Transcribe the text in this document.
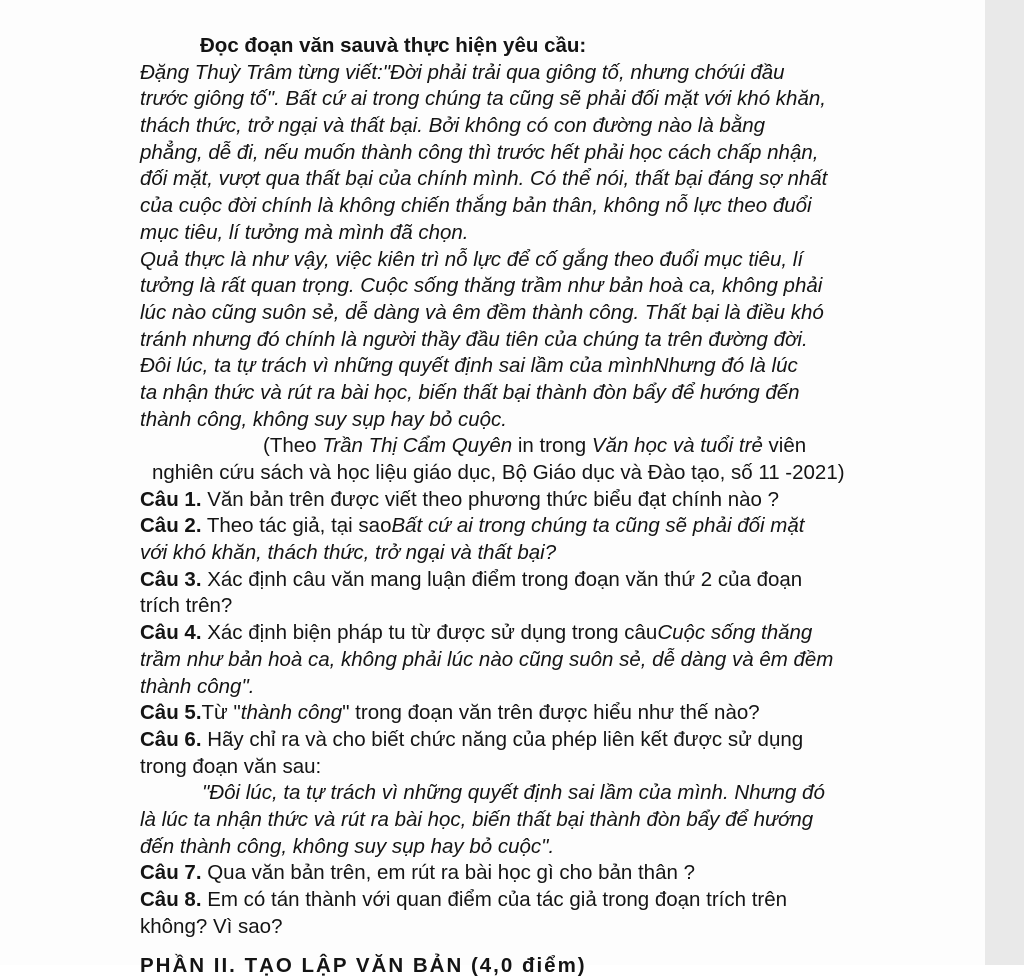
Đọc đoạn văn sauvà thực hiện yêu cầu:
Đặng Thuỳ Trâm từng viết:"Đời phải trải qua giông tố, nhưng chớúi đầu
trước giông tố". Bất cứ ai trong chúng ta cũng sẽ phải đối mặt với khó khăn,
thách thức, trở ngại và thất bại. Bởi không có con đường nào là bằng
phẳng, dễ đi, nếu muốn thành công thì trước hết phải học cách chấp nhận,
đối mặt, vượt qua thất bại của chính mình. Có thể nói, thất bại đáng sợ nhất
của cuộc đời chính là không chiến thắng bản thân, không nỗ lực theo đuổi
mục tiêu, lí tưởng mà mình đã chọn.
Quả thực là như vậy, việc kiên trì nỗ lực để cố gắng theo đuổi mục tiêu, lí
tưởng là rất quan trọng. Cuộc sống thăng trầm như bản hoà ca, không phải
lúc nào cũng suôn sẻ, dễ dàng và êm đềm thành công. Thất bại là điều khó
tránh nhưng đó chính là người thầy đầu tiên của chúng ta trên đường đời.
Đôi lúc, ta tự trách vì những quyết định sai lầm của mìnhNhưng đó là lúc
ta nhận thức và rút ra bài học, biến thất bại thành đòn bẩy để hướng đến
thành công, không suy sụp hay bỏ cuộc.
(Theo Trần Thị Cẩm Quyên in trong Văn học và tuổi trẻ viên
nghiên cứu sách và học liệu giáo dục, Bộ Giáo dục và Đào tạo, số 11 -2021)
Câu 1. Văn bản trên được viết theo phương thức biểu đạt chính nào ?
Câu 2. Theo tác giả, tại saoBất cứ ai trong chúng ta cũng sẽ phải đối mặt
với khó khăn, thách thức, trở ngại và thất bại?
Câu 3. Xác định câu văn mang luận điểm trong đoạn văn thứ 2 của đoạn
trích trên?
Câu 4. Xác định biện pháp tu từ được sử dụng trong câuCuộc sống thăng
trầm như bản hoà ca, không phải lúc nào cũng suôn sẻ, dễ dàng và êm đềm
thành công".
Câu 5.Từ "thành công" trong đoạn văn trên được hiểu như thế nào?
Câu 6. Hãy chỉ ra và cho biết chức năng của phép liên kết được sử dụng
trong đoạn văn sau:
"Đôi lúc, ta tự trách vì những quyết định sai lầm của mình. Nhưng đó
là lúc ta nhận thức và rút ra bài học, biến thất bại thành đòn bẩy để hướng
đến thành công, không suy sụp hay bỏ cuộc".
Câu 7. Qua văn bản trên, em rút ra bài học gì cho bản thân ?
Câu 8. Em có tán thành với quan điểm của tác giả trong đoạn trích trên
không? Vì sao?
PHẦN II. TẠO LẬP VĂN BẢN (4,0 điểm)
